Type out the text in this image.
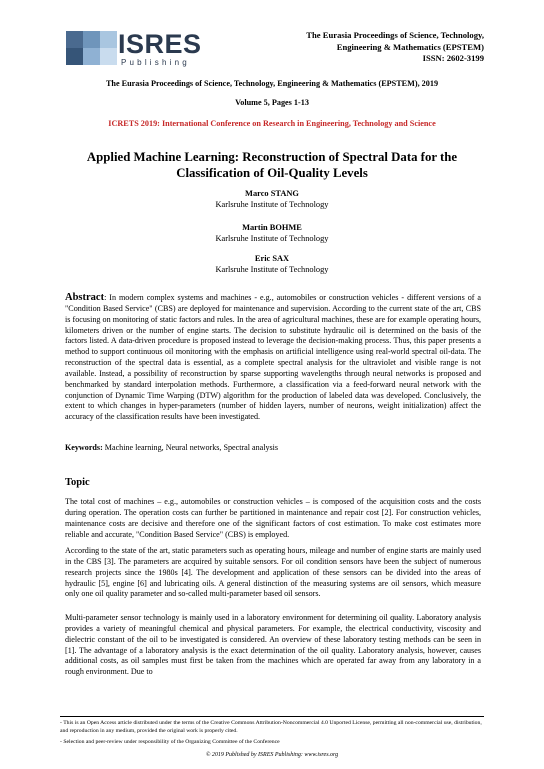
ISRES
Publishing
The Eurasia Proceedings of Science, Technology,
Engineering & Mathematics (EPSTEM)
ISSN: 2602-3199
The Eurasia Proceedings of Science, Technology, Engineering & Mathematics (EPSTEM), 2019
Volume 5, Pages 1-13
ICRETS 2019: International Conference on Research in Engineering, Technology and Science
Applied Machine Learning: Reconstruction of Spectral Data for the
Classification of Oil-Quality Levels
Marco STANG
Karlsruhe Institute of Technology
Martin BOHME
Karlsruhe Institute of Technology
Eric SAX
Karlsruhe Institute of Technology
Abstract: In modern complex systems and machines - e.g., automobiles or construction vehicles - different versions of a "Condition Based Service" (CBS) are deployed for maintenance and supervision. According to the current state of the art, CBS is focusing on monitoring of static factors and rules. In the area of agricultural machines, these are for example operating hours, kilometers driven or the number of engine starts. The decision to substitute hydraulic oil is determined on the basis of the factors listed. A data-driven procedure is proposed instead to leverage the decision-making process. Thus, this paper presents a method to support continuous oil monitoring with the emphasis on artificial intelligence using real-world spectral oil-data. The reconstruction of the spectral data is essential, as a complete spectral analysis for the ultraviolet and visible range is not available. Instead, a possibility of reconstruction by sparse supporting wavelengths through neural networks is proposed and benchmarked by standard interpolation methods. Furthermore, a classification via a feed-forward neural network with the conjunction of Dynamic Time Warping (DTW) algorithm for the production of labeled data was developed. Conclusively, the extent to which changes in hyper-parameters (number of hidden layers, number of neurons, weight initialization) affect the accuracy of the classification results have been investigated.
Keywords: Machine learning, Neural networks, Spectral analysis
Topic

The total cost of machines – e.g., automobiles or construction vehicles – is composed of the acquisition costs and the costs during operation. The operation costs can further be partitioned in maintenance and repair cost [2]. For construction vehicles, maintenance costs are decisive and therefore one of the significant factors of cost estimation. To make cost estimates more reliable and accurate, "Condition Based Service" (CBS) is employed.

According to the state of the art, static parameters such as operating hours, mileage and number of engine starts are mainly used in the CBS [3]. The parameters are acquired by suitable sensors. For oil condition sensors have been the subject of numerous research projects since the 1980s [4]. The development and application of these sensors can be divided into the areas of hydraulic [5], engine [6] and lubricating oils. A general distinction of the measuring systems are oil sensors, which measure only one oil quality parameter and so-called multi-parameter based oil sensors.

Multi-parameter sensor technology is mainly used in a laboratory environment for determining oil quality. Laboratory analysis provides a variety of meaningful chemical and physical parameters. For example, the electrical conductivity, viscosity and dielectric constant of the oil to be investigated is considered. An overview of these laboratory testing methods can be seen in [1]. The advantage of a laboratory analysis is the exact determination of the oil quality. Laboratory analysis, however, causes additional costs, as oil samples must first be taken from the machines which are operated far away from any laboratory in a rough environment. Due to

- This is an Open Access article distributed under the terms of the Creative Commons Attribution-Noncommercial 4.0 Unported License, permitting all non-commercial use, distribution, and reproduction in any medium, provided the original work is properly cited.
- Selection and peer-review under responsibility of the Organizing Committee of the Conference
© 2019 Published by ISRES Publishing: www.isres.org
